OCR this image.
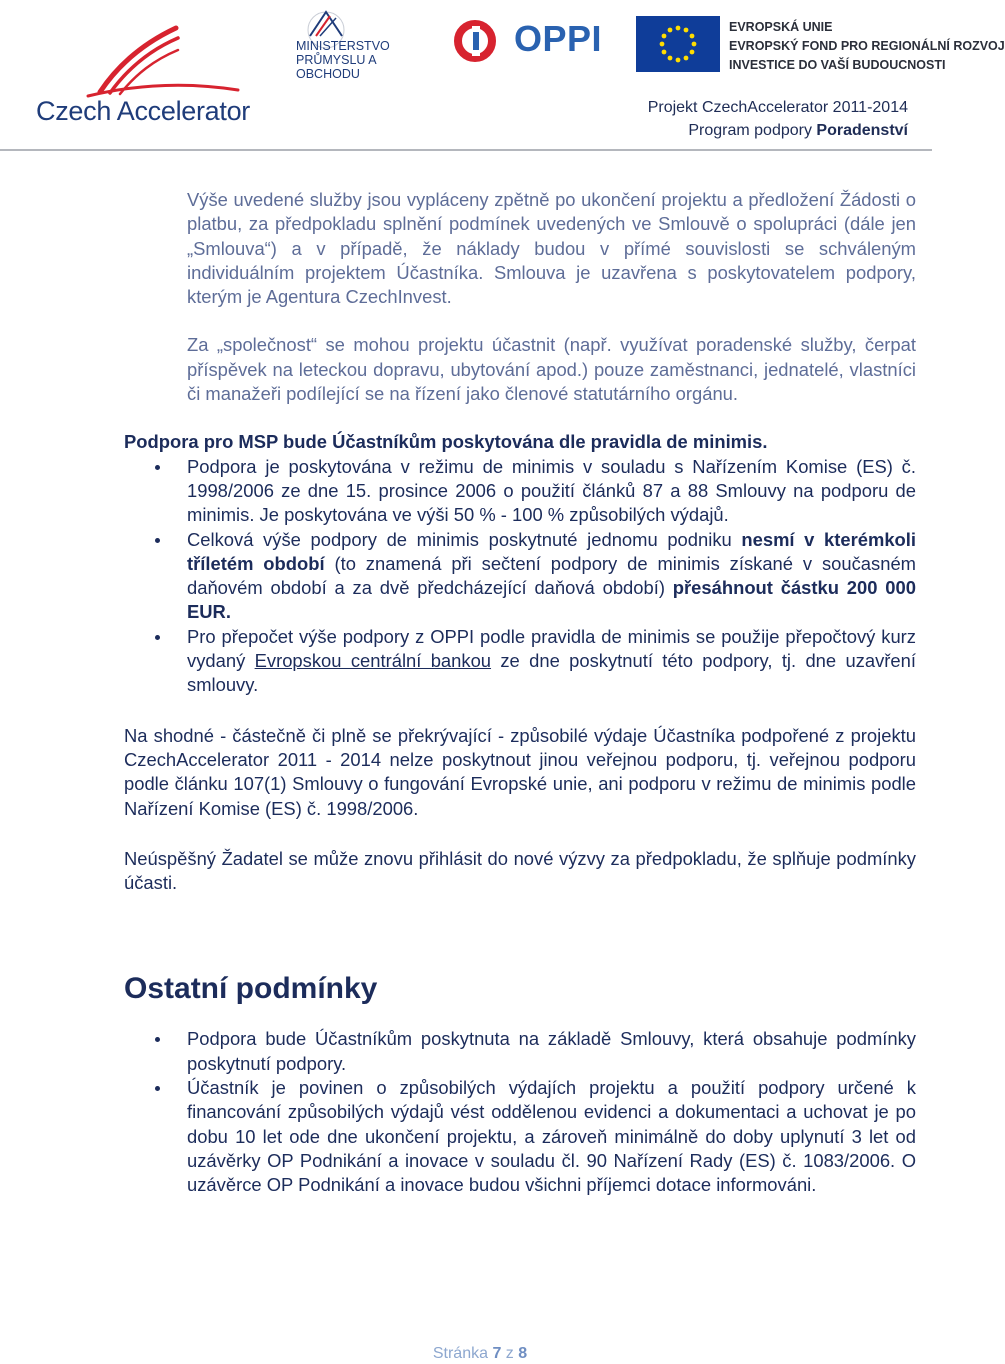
Czech Accelerator
MINISTERSTVO
PRŮMYSLU A OBCHODU
OPPI	EVROPSKÁ UNIE
EVROPSKÝ FOND PRO REGIONÁLNÍ ROZVOJ
INVESTICE DO VAŠÍ BUDOUCNOSTI
Projekt CzechAccelerator 2011-2014
Program podpory Poradenství

Výše uvedené služby jsou vypláceny zpětně po ukončení projektu a předložení Žádosti o platbu, za předpokladu splnění podmínek uvedených ve Smlouvě o spolupráci (dále jen „Smlouva“) a v případě, že náklady budou v přímé souvislosti se schváleným individuálním projektem Účastníka. Smlouva je uzavřena s poskytovatelem podpory, kterým je Agentura CzechInvest.

Za „společnost“ se mohou projektu účastnit (např. využívat poradenské služby, čerpat příspěvek na leteckou dopravu, ubytování apod.) pouze zaměstnanci, jednatelé, vlastníci či manažeři podílející se na řízení jako členové statutárního orgánu.

Podpora pro MSP bude Účastníkům poskytována dle pravidla de minimis.

Podpora je poskytována v režimu de minimis v souladu s Nařízením Komise (ES) č. 1998/2006 ze dne 15. prosince 2006 o použití článků 87 a 88 Smlouvy na podporu de minimis. Je poskytována ve výši 50 % - 100 % způsobilých výdajů.
Celková výše podpory de minimis poskytnuté jednomu podniku nesmí v kterémkoli tříletém období (to znamená při sečtení podpory de minimis získané v současném daňovém období a za dvě předcházející daňová období) přesáhnout částku 200 000 EUR.
Pro přepočet výše podpory z OPPI podle pravidla de minimis se použije přepočtový kurz vydaný Evropskou centrální bankou ze dne poskytnutí této podpory, tj. dne uzavření smlouvy.

Na shodné - částečně či plně se překrývající - způsobilé výdaje Účastníka podpořené z projektu CzechAccelerator 2011 - 2014 nelze poskytnout jinou veřejnou podporu, tj. veřejnou podporu podle článku 107(1) Smlouvy o fungování Evropské unie, ani podporu v režimu de minimis podle Nařízení Komise (ES) č. 1998/2006.

Neúspěšný Žadatel se může znovu přihlásit do nové výzvy za předpokladu, že splňuje podmínky účasti.

Ostatní podmínky
Podpora bude Účastníkům poskytnuta na základě Smlouvy, která obsahuje podmínky poskytnutí podpory.
Účastník je povinen o způsobilých výdajích projektu a použití podpory určené k financování způsobilých výdajů vést oddělenou evidenci a dokumentaci a uchovat je po dobu 10 let ode dne ukončení projektu, a zároveň minimálně do doby uplynutí 3 let od uzávěrky OP Podnikání a inovace v souladu čl. 90 Nařízení Rady (ES) č. 1083/2006. O uzávěrce OP Podnikání a inovace budou všichni příjemci dotace informováni.
Stránka 7 z 8
